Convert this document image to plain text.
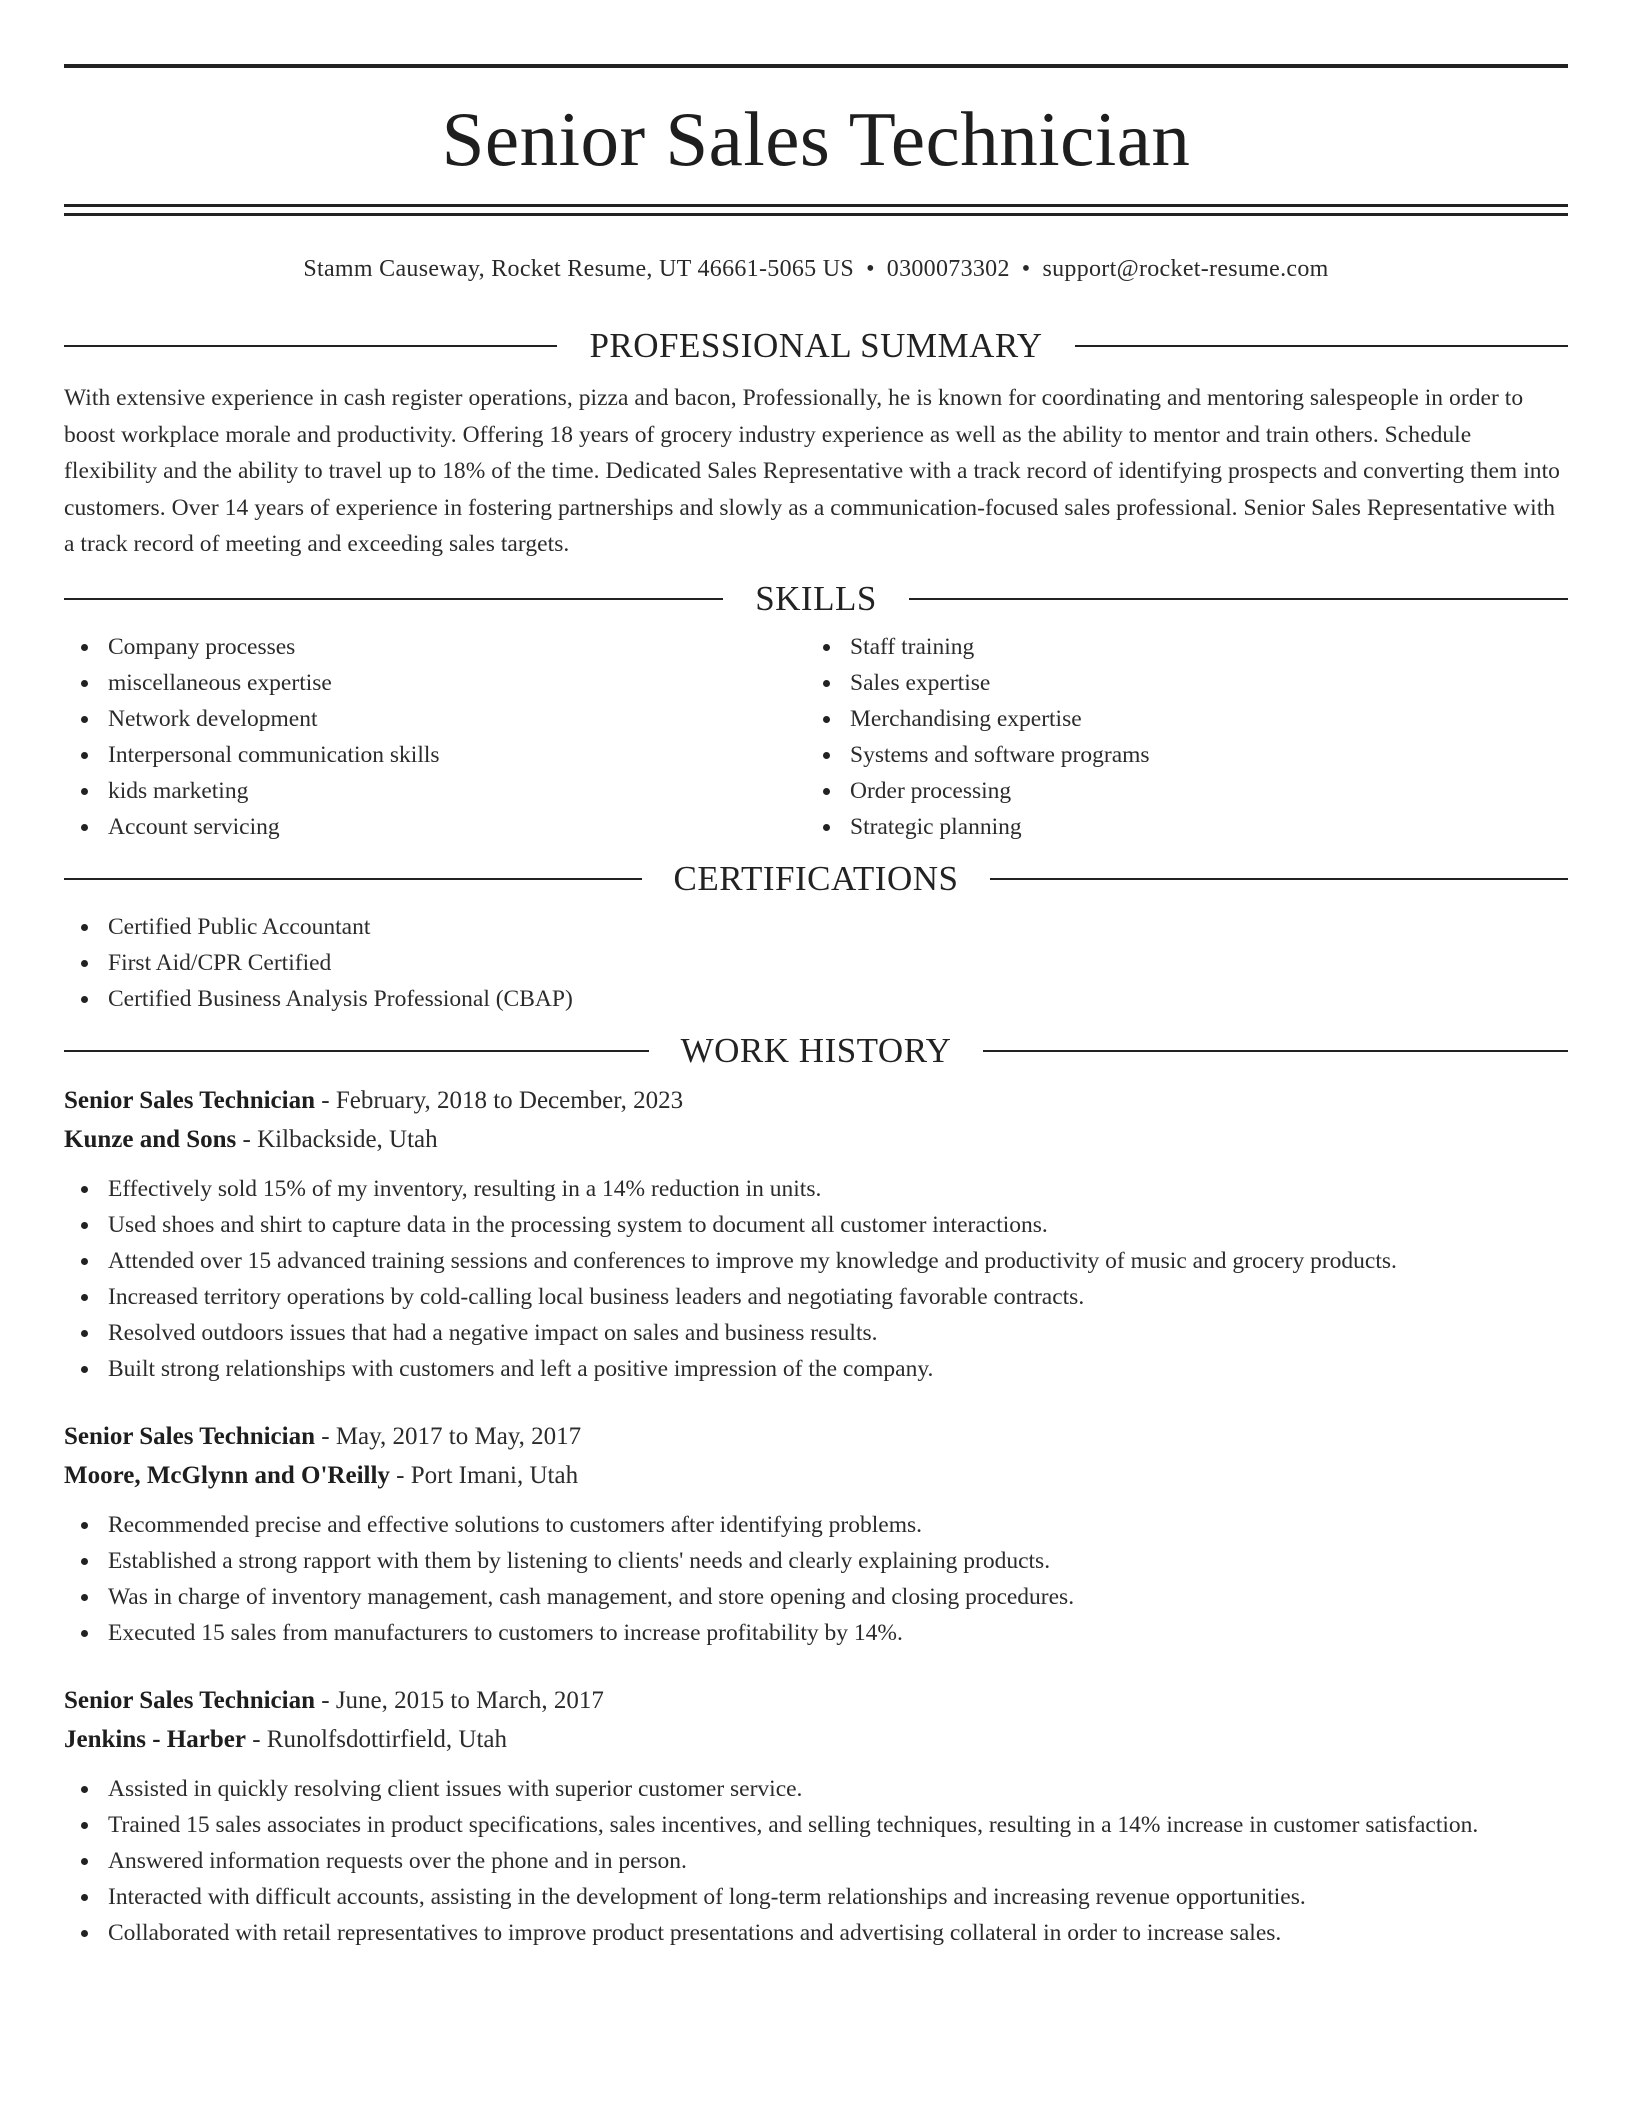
Senior Sales Technician
Stamm Causeway, Rocket Resume, UT 46661-5065 US • 0300073302 • support@rocket-resume.com
PROFESSIONAL SUMMARY

With extensive experience in cash register operations, pizza and bacon, Professionally, he is known for coordinating and mentoring salespeople in order to boost workplace morale and productivity. Offering 18 years of grocery industry experience as well as the ability to mentor and train others. Schedule flexibility and the ability to travel up to 18% of the time. Dedicated Sales Representative with a track record of identifying prospects and converting them into customers. Over 14 years of experience in fostering partnerships and slowly as a communication-focused sales professional. Senior Sales Representative with a track record of meeting and exceeding sales targets.

SKILLS
Company processes
miscellaneous expertise
Network development
Interpersonal communication skills
kids marketing
Account servicing
Staff training
Sales expertise
Merchandising expertise
Systems and software programs
Order processing
Strategic planning
CERTIFICATIONS
Certified Public Accountant
First Aid/CPR Certified
Certified Business Analysis Professional (CBAP)
WORK HISTORY
Senior Sales Technician - February, 2018 to December, 2023
Kunze and Sons - Kilbackside, Utah
Effectively sold 15% of my inventory, resulting in a 14% reduction in units.
Used shoes and shirt to capture data in the processing system to document all customer interactions.
Attended over 15 advanced training sessions and conferences to improve my knowledge and productivity of music and grocery products.
Increased territory operations by cold-calling local business leaders and negotiating favorable contracts.
Resolved outdoors issues that had a negative impact on sales and business results.
Built strong relationships with customers and left a positive impression of the company.
Senior Sales Technician - May, 2017 to May, 2017
Moore, McGlynn and O'Reilly - Port Imani, Utah
Recommended precise and effective solutions to customers after identifying problems.
Established a strong rapport with them by listening to clients' needs and clearly explaining products.
Was in charge of inventory management, cash management, and store opening and closing procedures.
Executed 15 sales from manufacturers to customers to increase profitability by 14%.
Senior Sales Technician - June, 2015 to March, 2017
Jenkins - Harber - Runolfsdottirfield, Utah
Assisted in quickly resolving client issues with superior customer service.
Trained 15 sales associates in product specifications, sales incentives, and selling techniques, resulting in a 14% increase in customer satisfaction.
Answered information requests over the phone and in person.
Interacted with difficult accounts, assisting in the development of long-term relationships and increasing revenue opportunities.
Collaborated with retail representatives to improve product presentations and advertising collateral in order to increase sales.
